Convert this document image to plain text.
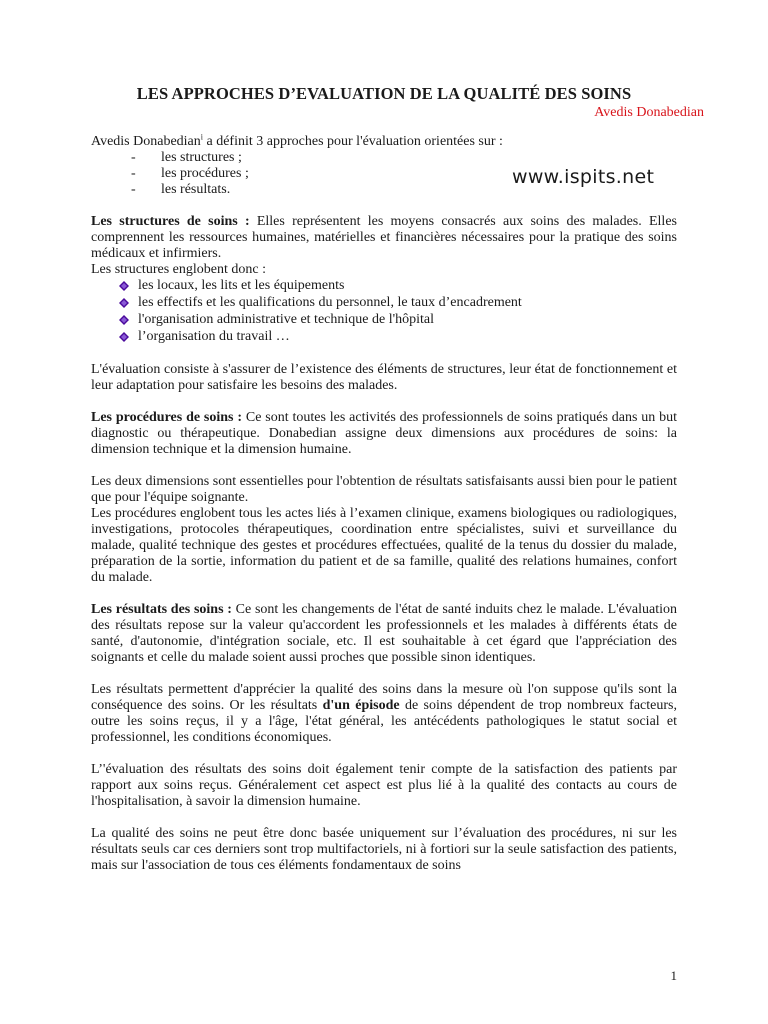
LES APPROCHES D’EVALUATION DE LA QUALITÉ DES SOINS
Avedis Donabedian
www.ispits.net

Avedis Donabedian$^i$ a définit 3 approches pour l'évaluation orientées sur :

- les structures ;
- les procédures ;
- les résultats.

Les structures de soins : Elles représentent les moyens consacrés aux soins des malades. Elles comprennent les ressources humaines, matérielles et financières nécessaires pour la pratique des soins médicaux et infirmiers.

Les structures englobent donc :

les locaux, les lits et les équipements
les effectifs et les qualifications du personnel, le taux d’encadrement
l'organisation administrative et technique de l'hôpital
l’organisation du travail …

L'évaluation consiste à s'assurer de l’existence des éléments de structures, leur état de fonctionnement et leur adaptation pour satisfaire les besoins des malades.

Les procédures de soins : Ce sont toutes les activités des professionnels de soins pratiqués dans un but diagnostic ou thérapeutique. Donabedian assigne deux dimensions aux procédures de soins: la dimension technique et la dimension humaine.

Les deux dimensions sont essentielles pour l'obtention de résultats satisfaisants aussi bien pour le patient que pour l'équipe soignante.

Les procédures englobent tous les actes liés à l’examen clinique, examens biologiques ou radiologiques, investigations, protocoles thérapeutiques, coordination entre spécialistes, suivi et surveillance du malade, qualité technique des gestes et procédures effectuées, qualité de la tenus du dossier du malade, préparation de la sortie, information du patient et de sa famille, qualité des relations humaines, confort du malade.

Les résultats des soins : Ce sont les changements de l'état de santé induits chez le malade. L'évaluation des résultats repose sur la valeur qu'accordent les professionnels et les malades à différents états de santé, d'autonomie, d'intégration sociale, etc. Il est souhaitable à cet égard que l'appréciation des soignants et celle du malade soient aussi proches que possible sinon identiques.

Les résultats permettent d'apprécier la qualité des soins dans la mesure où l'on suppose qu'ils sont la conséquence des soins. Or les résultats d'un épisode de soins dépendent de trop nombreux facteurs, outre les soins reçus, il y a l'âge, l'état général, les antécédents pathologiques le statut social et professionnel, les conditions économiques.

L’'évaluation des résultats des soins doit également tenir compte de la satisfaction des patients par rapport aux soins reçus. Généralement cet aspect est plus lié à la qualité des contacts au cours de l'hospitalisation, à savoir la dimension humaine.

La qualité des soins ne peut être donc basée uniquement sur l’évaluation des procédures, ni sur les résultats seuls car ces derniers sont trop multifactoriels, ni à fortiori sur la seule satisfaction des patients, mais sur l'association de tous ces éléments fondamentaux de soins

1
